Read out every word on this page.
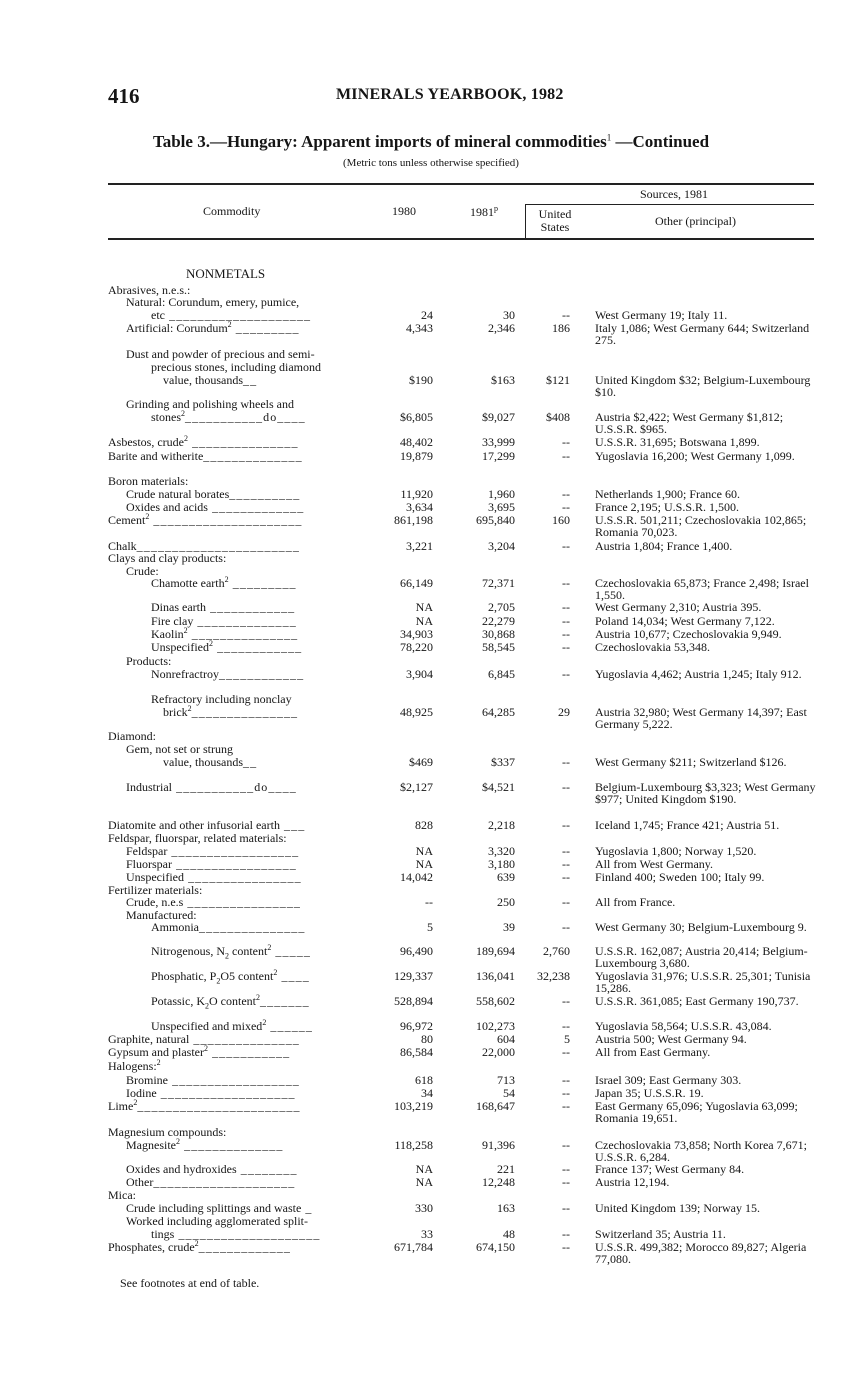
416	MINERALS YEARBOOK, 1982
Table 3.—Hungary: Apparent imports of mineral commodities$^1$ —Continued
(Metric tons unless otherwise specified)
Commodity	1980	1981$^p$
Sources, 1981
United States	Other (principal)
NONMETALS
Abrasives, n.e.s.:
Natural: Corundum, emery, pumice,
etc ____________________	24	30	-- West Germany 19; Italy 11.
Artificial: Corundum$^2$ _________	4,343	2,346	186 Italy 1,086; West Germany 644; Switzerland 275.
Dust and powder of precious and semi-
precious stones, including diamond
value, thousands__	$190	$163	$121 United Kingdom $32; Belgium-Luxembourg $10.
Grinding and polishing wheels and
stones$^2$___________do____	$6,805	$9,027	$408 Austria $2,422; West Germany $1,812; U.S.S.R. $965.
Asbestos, crude$^2$ _______________	48,402	33,999	-- U.S.S.R. 31,695; Botswana 1,899.
Barite and witherite______________	19,879	17,299	-- Yugoslavia 16,200; West Germany 1,099.
Boron materials:
Crude natural borates__________	11,920	1,960	-- Netherlands 1,900; France 60.
Oxides and acids _____________	3,634	3,695	-- France 2,195; U.S.S.R. 1,500.
Cement$^2$ _____________________	861,198	695,840	160 U.S.S.R. 501,211; Czechoslovakia 102,865; Romania 70,023.
Chalk_______________________	3,221	3,204	-- Austria 1,804; France 1,400.
Clays and clay products:
Crude:
Chamotte earth$^2$ _________	66,149	72,371	-- Czechoslovakia 65,873; France 2,498; Israel 1,550.
Dinas earth ____________	NA	2,705	-- West Germany 2,310; Austria 395.
Fire clay ______________	NA	22,279	-- Poland 14,034; West Germany 7,122.
Kaolin$^2$ _______________	34,903	30,868	-- Austria 10,677; Czechoslovakia 9,949.
Unspecified$^2$ ____________	78,220	58,545	-- Czechoslovakia 53,348.
Products:
Nonrefractroy____________	3,904	6,845	-- Yugoslavia 4,462; Austria 1,245; Italy 912.
Refractory including nonclay
brick$^2$_______________	48,925	64,285	29 Austria 32,980; West Germany 14,397; East Germany 5,222.
Diamond:
Gem, not set or strung
value, thousands__	$469	$337	-- West Germany $211; Switzerland $126.
Industrial ___________do____	$2,127	$4,521	-- Belgium-Luxembourg $3,323; West Germany $977; United Kingdom $190.
Diatomite and other infusorial earth ___	828	2,218	-- Iceland 1,745; France 421; Austria 51.
Feldspar, fluorspar, related materials:
Feldspar __________________	NA	3,320	-- Yugoslavia 1,800; Norway 1,520.
Fluorspar _________________	NA	3,180	-- All from West Germany.
Unspecified ________________	14,042	639	-- Finland 400; Sweden 100; Italy 99.
Fertilizer materials:
Crude, n.e.s ________________	--	250	-- All from France.
Manufactured:
Ammonia_______________	5	39	-- West Germany 30; Belgium-Luxembourg 9.
Nitrogenous, $N_2$ content$^2$ _____	96,490	189,694	2,760 U.S.S.R. 162,087; Austria 20,414; Belgium-Luxembourg 3,680.
Phosphatic, $P_2O5$ content$^2$ ____	129,337	136,041	32,238 Yugoslavia 31,976; U.S.S.R. 25,301; Tunisia 15,286.
Potassic, $K_2O$ content$^2$_______	528,894	558,602	-- U.S.S.R. 361,085; East Germany 190,737.
Unspecified and mixed$^2$ ______	96,972	102,273	-- Yugoslavia 58,564; U.S.S.R. 43,084.
Graphite, natural _______________	80	604	5 Austria 500; West Germany 94.
Gypsum and plaster$^2$ ___________	86,584	22,000	-- All from East Germany.
Halogens:$^2$
Bromine __________________	618	713	-- Israel 309; East Germany 303.
Iodine ___________________	34	54	-- Japan 35; U.S.S.R. 19.
Lime$^2$_______________________	103,219	168,647	-- East Germany 65,096; Yugoslavia 63,099; Romania 19,651.
Magnesium compounds:
Magnesite$^2$ ______________	118,258	91,396	-- Czechoslovakia 73,858; North Korea 7,671; U.S.S.R. 6,284.
Oxides and hydroxides ________	NA	221	-- France 137; West Germany 84.
Other____________________	NA	12,248	-- Austria 12,194.
Mica:
Crude including splittings and waste _	330	163	-- United Kingdom 139; Norway 15.
Worked including agglomerated split-
tings ____________________	33	48	-- Switzerland 35; Austria 11.
Phosphates, crude$^2$_____________	671,784	674,150	-- U.S.S.R. 499,382; Morocco 89,827; Algeria 77,080.
See footnotes at end of table.
